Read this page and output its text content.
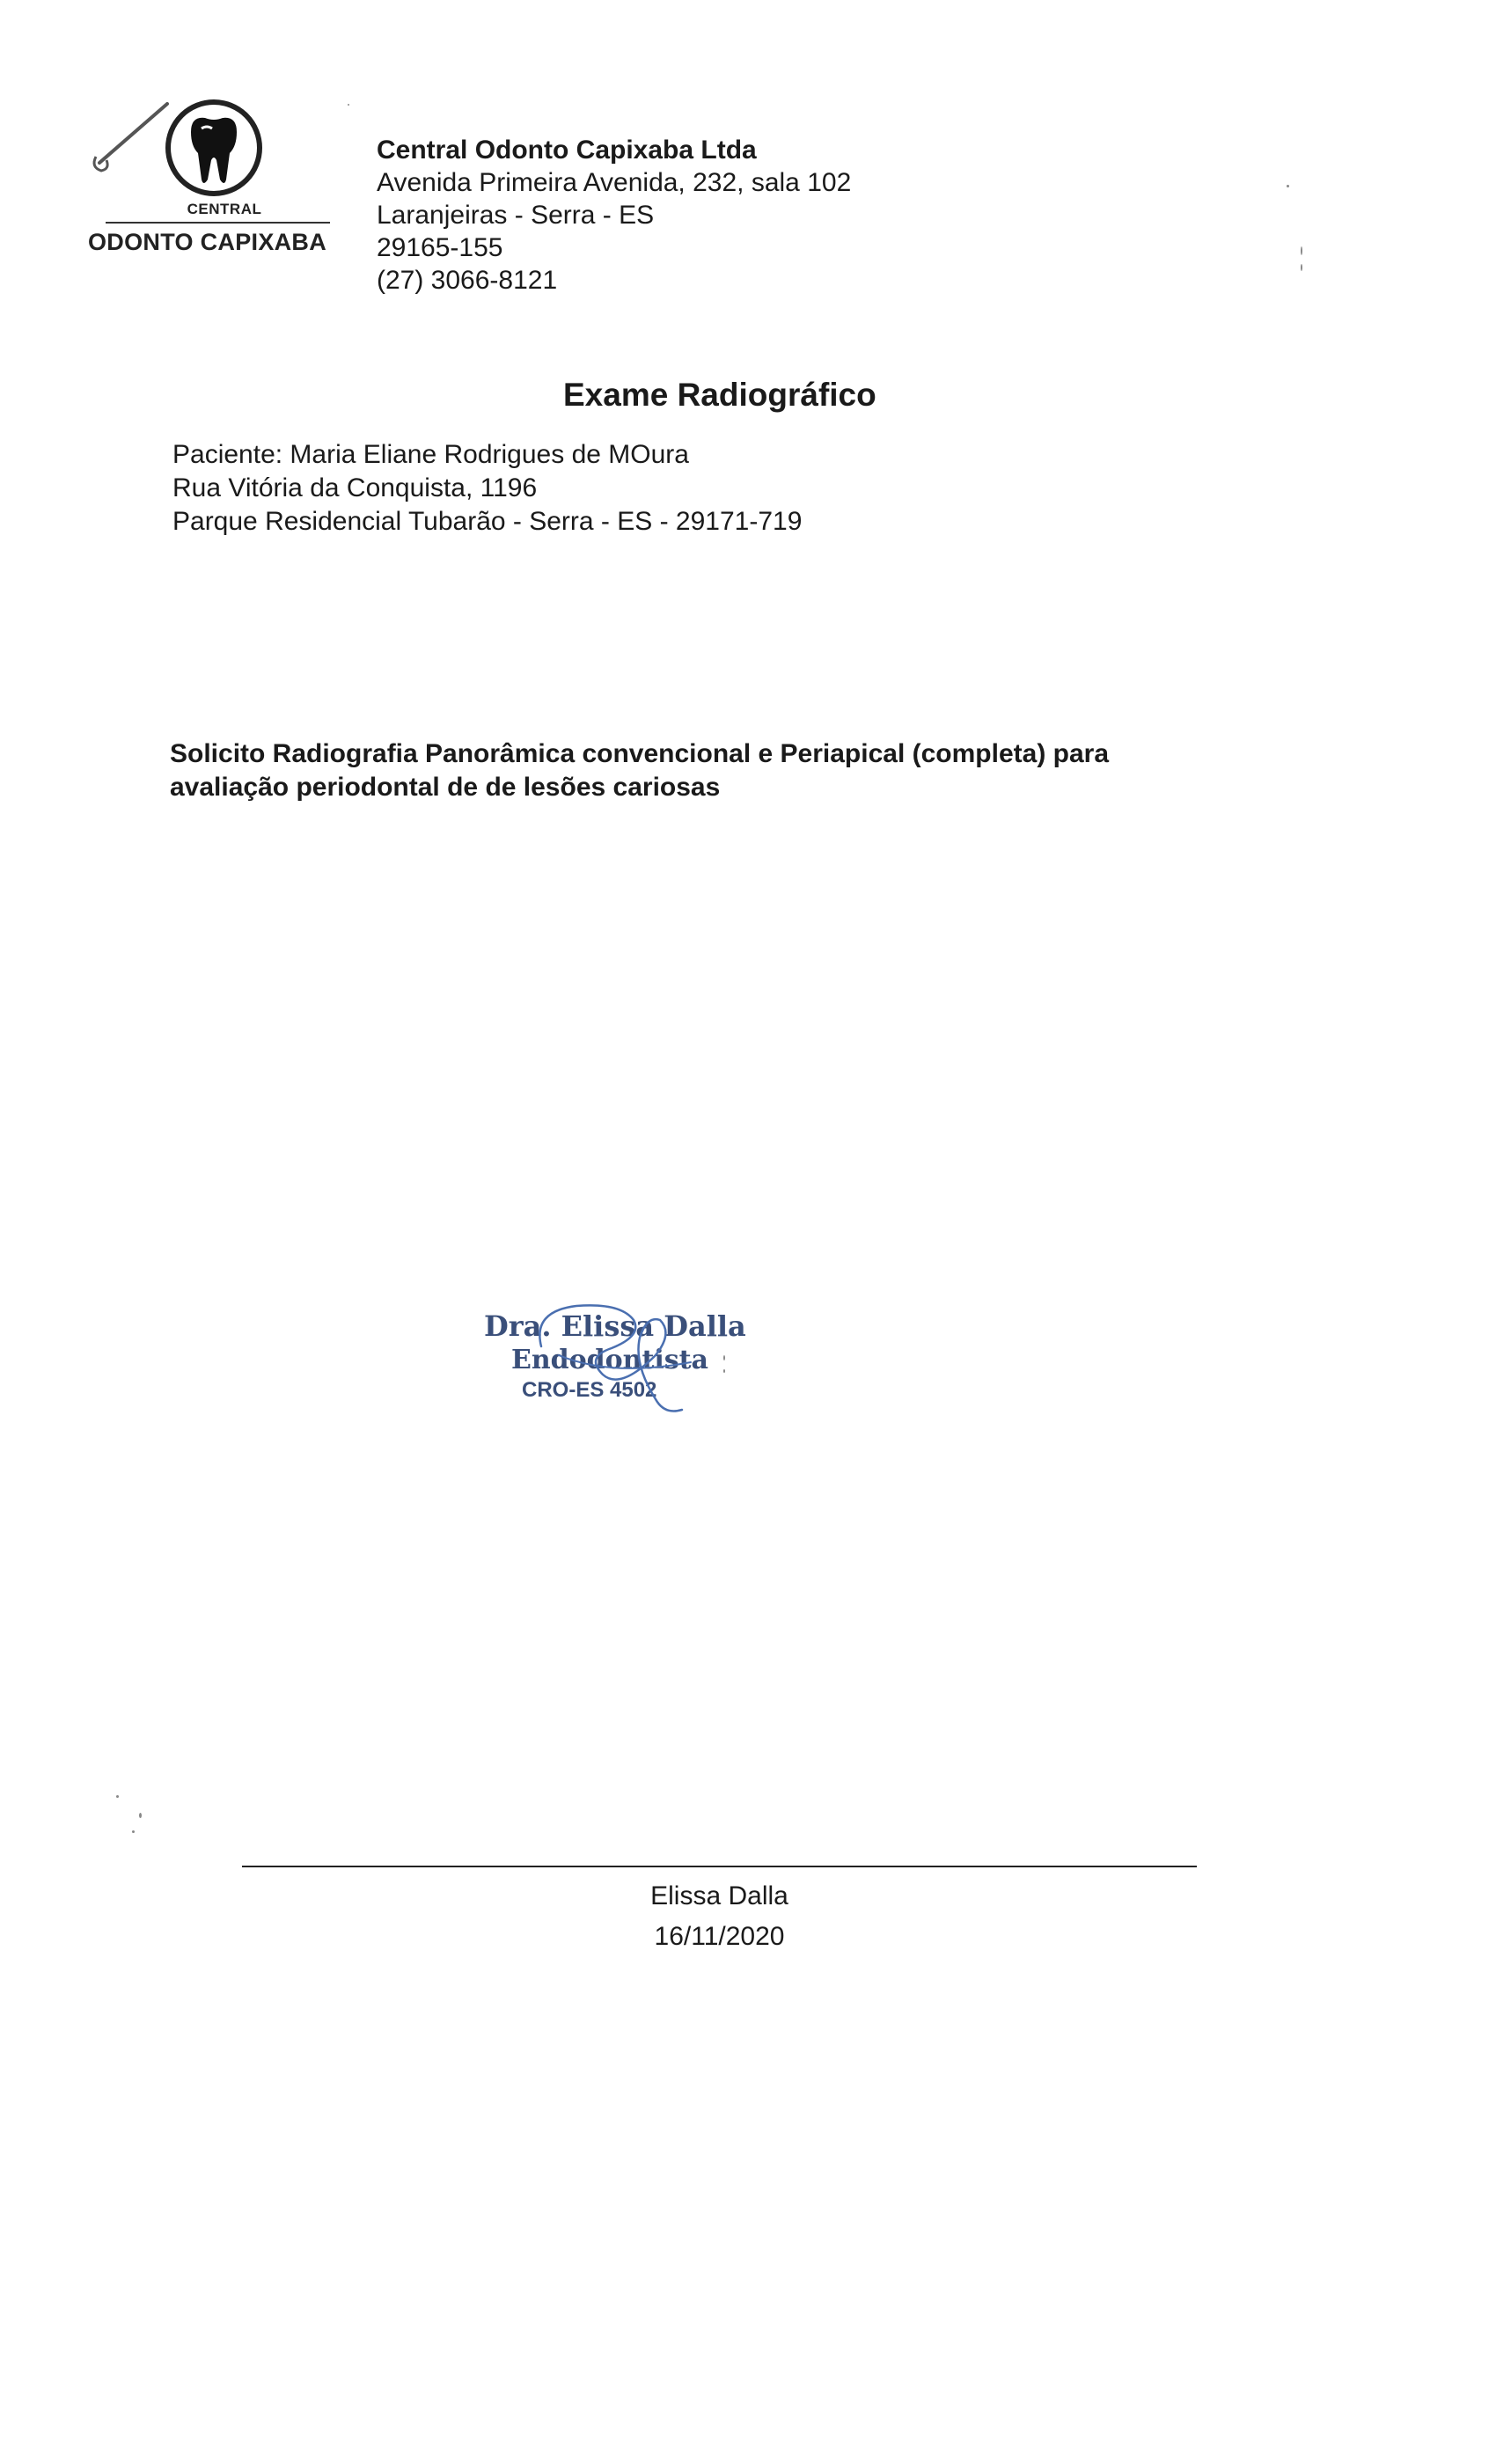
CENTRAL
ODONTO CAPIXABA
Central Odonto Capixaba Ltda
Avenida Primeira Avenida, 232, sala 102
Laranjeiras - Serra - ES
29165-155
(27) 3066-8121
Exame Radiográfico
Paciente: Maria Eliane Rodrigues de MOura
Rua Vitória da Conquista, 1196
Parque Residencial Tubarão - Serra - ES - 29171-719
Solicito Radiografia Panorâmica convencional e Periapical (completa) para
avaliação periodontal de de lesões cariosas
Dra. Elissa Dalla
Endodontista
CRO-ES 4502
Elissa Dalla
16/11/2020
